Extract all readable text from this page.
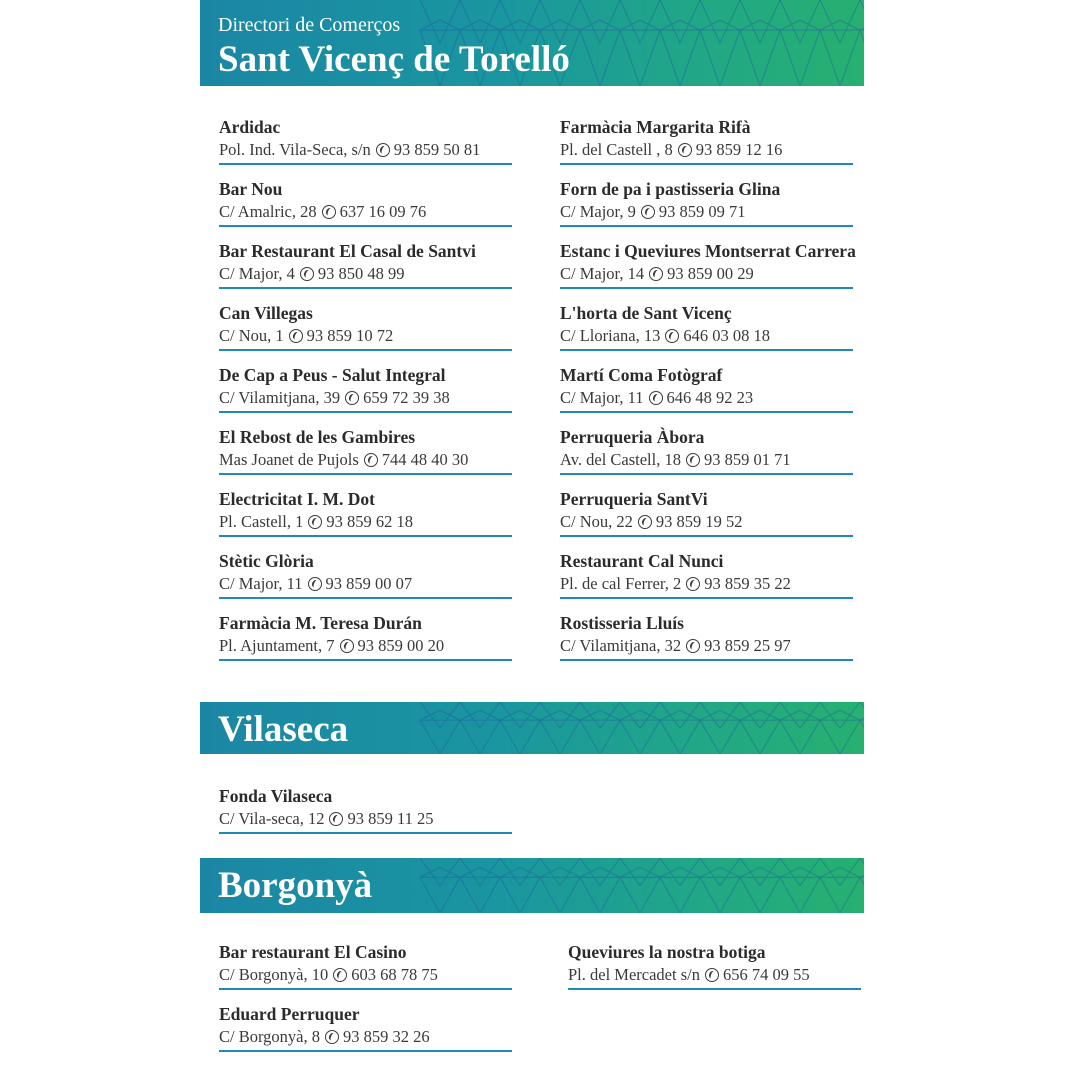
Directori de Comerços
Sant Vicenç de Torelló
Ardidac
Pol. Ind. Vila-Seca, s/n 93 859 50 81
Bar Nou
C/ Amalric, 28 637 16 09 76
Bar Restaurant El Casal de Santvi
C/ Major, 4 93 850 48 99
Can Villegas
C/ Nou, 1 93 859 10 72
De Cap a Peus - Salut Integral
C/ Vilamitjana, 39 659 72 39 38
El Rebost de les Gambires
Mas Joanet de Pujols 744 48 40 30
Electricitat I. M. Dot
Pl. Castell, 1 93 859 62 18
Stètic Glòria
C/ Major, 11 93 859 00 07
Farmàcia M. Teresa Durán
Pl. Ajuntament, 7 93 859 00 20
Farmàcia Margarita Rifà
Pl. del Castell , 8 93 859 12 16
Forn de pa i pastisseria Glina
C/ Major, 9 93 859 09 71
Estanc i Queviures Montserrat Carrera
C/ Major, 14 93 859 00 29
L'horta de Sant Vicenç
C/ Lloriana, 13 646 03 08 18
Martí Coma Fotògraf
C/ Major, 11 646 48 92 23
Perruqueria Àbora
Av. del Castell, 18 93 859 01 71
Perruqueria SantVi
C/ Nou, 22 93 859 19 52
Restaurant Cal Nunci
Pl. de cal Ferrer, 2 93 859 35 22
Rostisseria Lluís
C/ Vilamitjana, 32 93 859 25 97
Vilaseca
Fonda Vilaseca
C/ Vila-seca, 12 93 859 11 25
Borgonyà
Bar restaurant El Casino
C/ Borgonyà, 10 603 68 78 75
Eduard Perruquer
C/ Borgonyà, 8 93 859 32 26
Queviures la nostra botiga
Pl. del Mercadet s/n 656 74 09 55
